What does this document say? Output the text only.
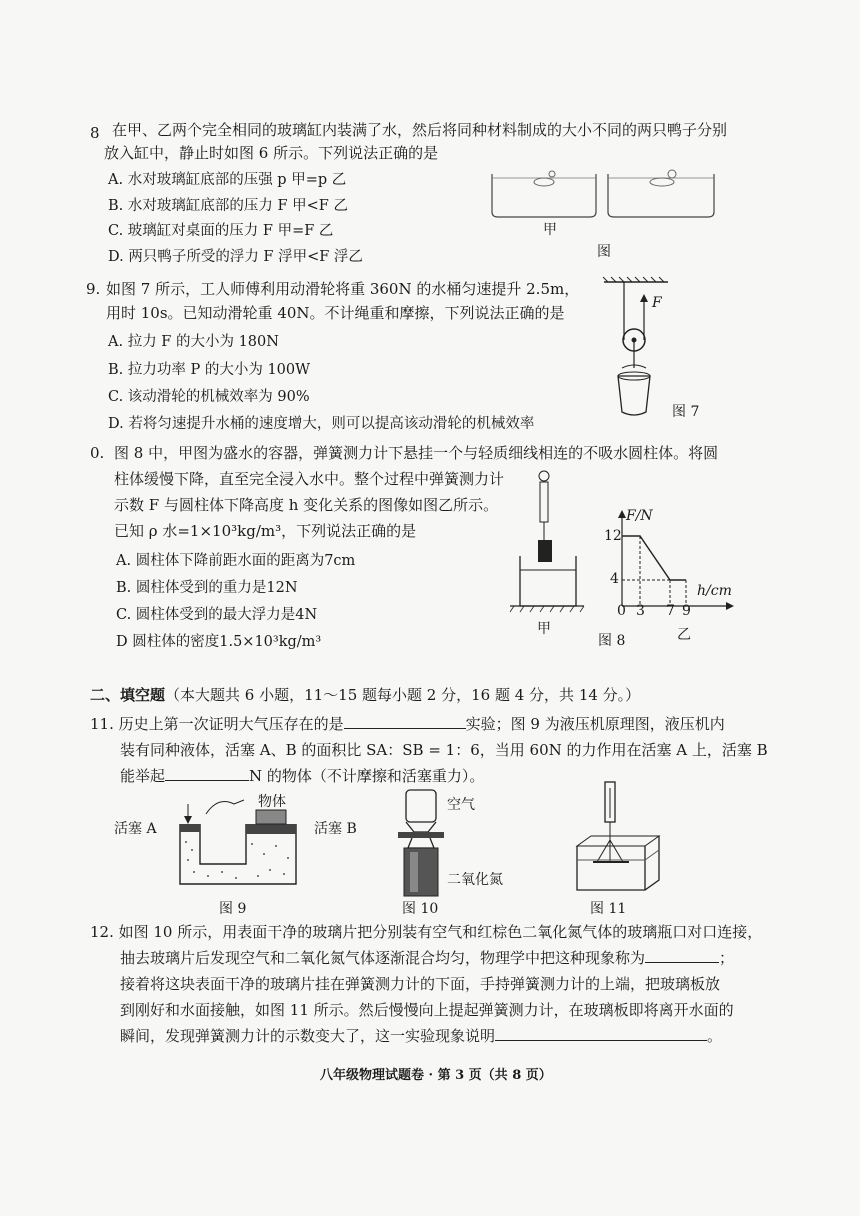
8 在甲、乙两个完全相同的玻璃缸内装满了水，然后将同种材料制成的大小不同的两只鸭子分别
放入缸中，静止时如图 6 所示。下列说法正确的是
A. 水对玻璃缸底部的压强 p 甲=p 乙
B. 水对玻璃缸底部的压力 F 甲<F 乙
C. 玻璃缸对桌面的压力 F 甲=F 乙
D. 两只鸭子所受的浮力 F 浮甲<F 浮乙
甲
图
9. 如图 7 所示，工人师傅利用动滑轮将重 360N 的水桶匀速提升 2.5m，
用时 10s。已知动滑轮重 40N。不计绳重和摩擦，下列说法正确的是
A. 拉力 F 的大小为 180N
B. 拉力功率 P 的大小为 100W
C. 该动滑轮的机械效率为 90%
D. 若将匀速提升水桶的速度增大，则可以提高该动滑轮的机械效率
F
图 7
0. 图 8 中，甲图为盛水的容器，弹簧测力计下悬挂一个与轻质细线相连的不吸水圆柱体。将圆
柱体缓慢下降，直至完全浸入水中。整个过程中弹簧测力计
示数 F 与圆柱体下降高度 h 变化关系的图像如图乙所示。
已知 ρ 水=1×10³kg/m³，下列说法正确的是
A. 圆柱体下降前距水面的距离为7cm
B. 圆柱体受到的重力是12N
C. 圆柱体受到的最大浮力是4N
D 圆柱体的密度1.5×10³kg/m³
甲
F/N
12
4
h/cm
0 3 7 9
乙
图 8
二、填空题（本大题共 6 小题，11～15 题每小题 2 分，16 题 4 分，共 14 分。）
11. 历史上第一次证明大气压存在的是	实验；图 9 为液压机原理图，液压机内
装有同种液体，活塞 A、B 的面积比 SA：SB = 1：6，当用 60N 的力作用在活塞 A 上，活塞 B
能举起	N 的物体（不计摩擦和活塞重力）。
物体
活塞 A	活塞 B
图 9
空气
二氧化氮
图 10	图 11
12. 如图 10 所示，用表面干净的玻璃片把分别装有空气和红棕色二氧化氮气体的玻璃瓶口对口连接，
抽去玻璃片后发现空气和二氧化氮气体逐渐混合均匀，物理学中把这种现象称为	；
接着将这块表面干净的玻璃片挂在弹簧测力计的下面，手持弹簧测力计的上端，把玻璃板放
到刚好和水面接触，如图 11 所示。然后慢慢向上提起弹簧测力计，在玻璃板即将离开水面的
瞬间，发现弹簧测力计的示数变大了，这一实验现象说明	。
八年级物理试题卷 · 第 3 页（共 8 页）
